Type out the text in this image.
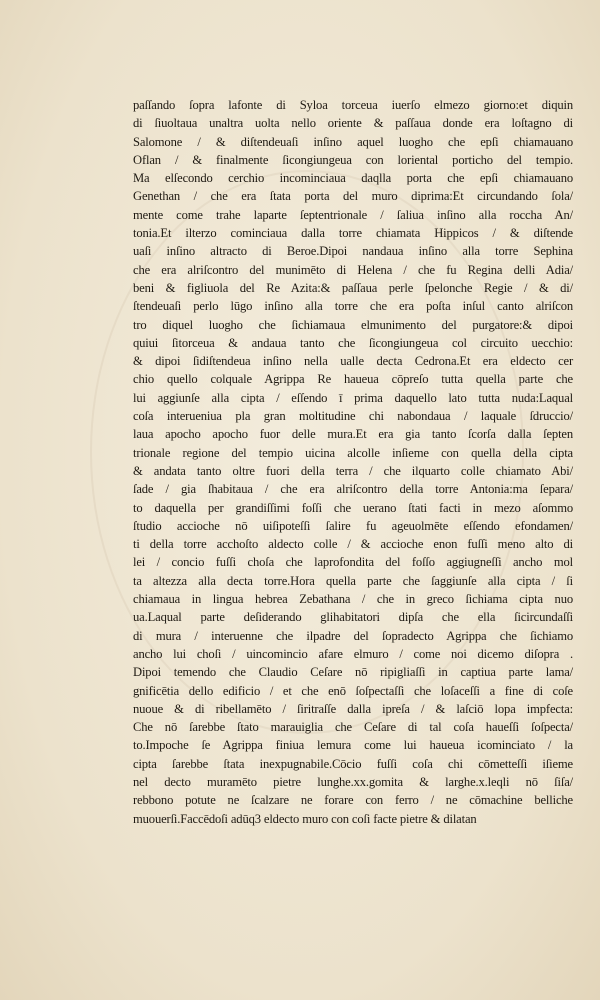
paſſando ſopra lafonte di Syloa torceua iuerſo elmezo giorno:et diquin
di ſiuoltaua unaltra uolta nello oriente & paſſaua donde era loſtagno di
Salomone / & diſtendeuaſi inſino aquel luogho che epſi chiamauano
Oflan / & finalmente ſicongiungeua con loriental porticho del tempio.
Ma elſecondo cerchio incominciaua daqlla porta che epſi chiamauano
Genethan / che era ſtata porta del muro diprima:Et circundando ſola/
mente come trahe laparte ſeptentrionale / ſaliua inſino alla roccha An/
tonia.Et ilterzo cominciaua dalla torre chiamata Hippicos / & diſtende
uaſi inſino altracto di Beroe.Dipoi nandaua inſino alla torre Sephina
che era alriſcontro del munimēto di Helena / che fu Regina delli Adia/
beni & figliuola del Re Azita:& paſſaua perle ſpelonche Regie / & di/
ſtendeuaſi perlo lūgo inſino alla torre che era poſta inſul canto alriſcon
tro diquel luogho che ſichiamaua elmunimento del purgatore:& dipoi
quiui ſitorceua & andaua tanto che ſicongiungeua col circuito uecchio:
& dipoi ſidiſtendeua inſino nella ualle decta Cedrona.Et era eldecto cer
chio quello colquale Agrippa Re haueua cōpreſo tutta quella parte che
lui aggiunſe alla cipta / eſſendo ī prima daquello lato tutta nuda:Laqual
coſa interueniua pla gran moltitudine chi nabondaua / laquale ſdruccio/
laua apocho apocho fuor delle mura.Et era gia tanto ſcorſa dalla ſepten
trionale regione del tempio uicina alcolle inſieme con quella della cipta
& andata tanto oltre fuori della terra / che ilquarto colle chiamato Abi/
ſade / gia ſhabitaua / che era alriſcontro della torre Antonia:ma ſepara/
to daquella per grandiſſimi foſſi che uerano ſtati facti in mezo aſommo
ſtudio accioche nō uiſipoteſſi ſalire fu ageuolmēte eſſendo efondamen/
ti della torre acchoſto aldecto colle / & accioche enon fuſſi meno alto di
lei / concio fuſſi choſa che laprofondita del foſſo aggiugneſſi ancho mol
ta altezza alla decta torre.Hora quella parte che ſaggiunſe alla cipta / ſi
chiamaua in lingua hebrea Zebathana / che in greco ſichiama cipta nuo
ua.Laqual parte deſiderando glihabitatori dipſa che ella ſicircundaſſi
di mura / interuenne che ilpadre del ſopradecto Agrippa che ſichiamo
ancho lui choſi / uincomincio afare elmuro / come noi dicemo diſopra .
Dipoi temendo che Claudio Ceſare nō ripigliaſſi in captiua parte lama/
gnificētia dello edificio / et che enō ſoſpectaſſi che loſaceſſi a fine di coſe
nuoue & di ribellamēto / ſiritraſſe dalla ipreſa / & laſciō lopa impfecta:
Che nō ſarebbe ſtato marauiglia che Ceſare di tal coſa haueſſi ſoſpecta/
to.Impoche ſe Agrippa finiua lemura come lui haueua icominciato / la
cipta ſarebbe ſtata inexpugnabile.Cōcio fuſſi coſa chi cōmetteſſi iſieme
nel decto muramēto pietre lunghe.xx.gomita & larghe.x.leqli nō ſiſa/
rebbono potute ne ſcalzare ne forare con ferro / ne cōmachine belliche
muouerſi.Faccēdoſi adūq3 eldecto muro con coſi facte pietre & dilatan
